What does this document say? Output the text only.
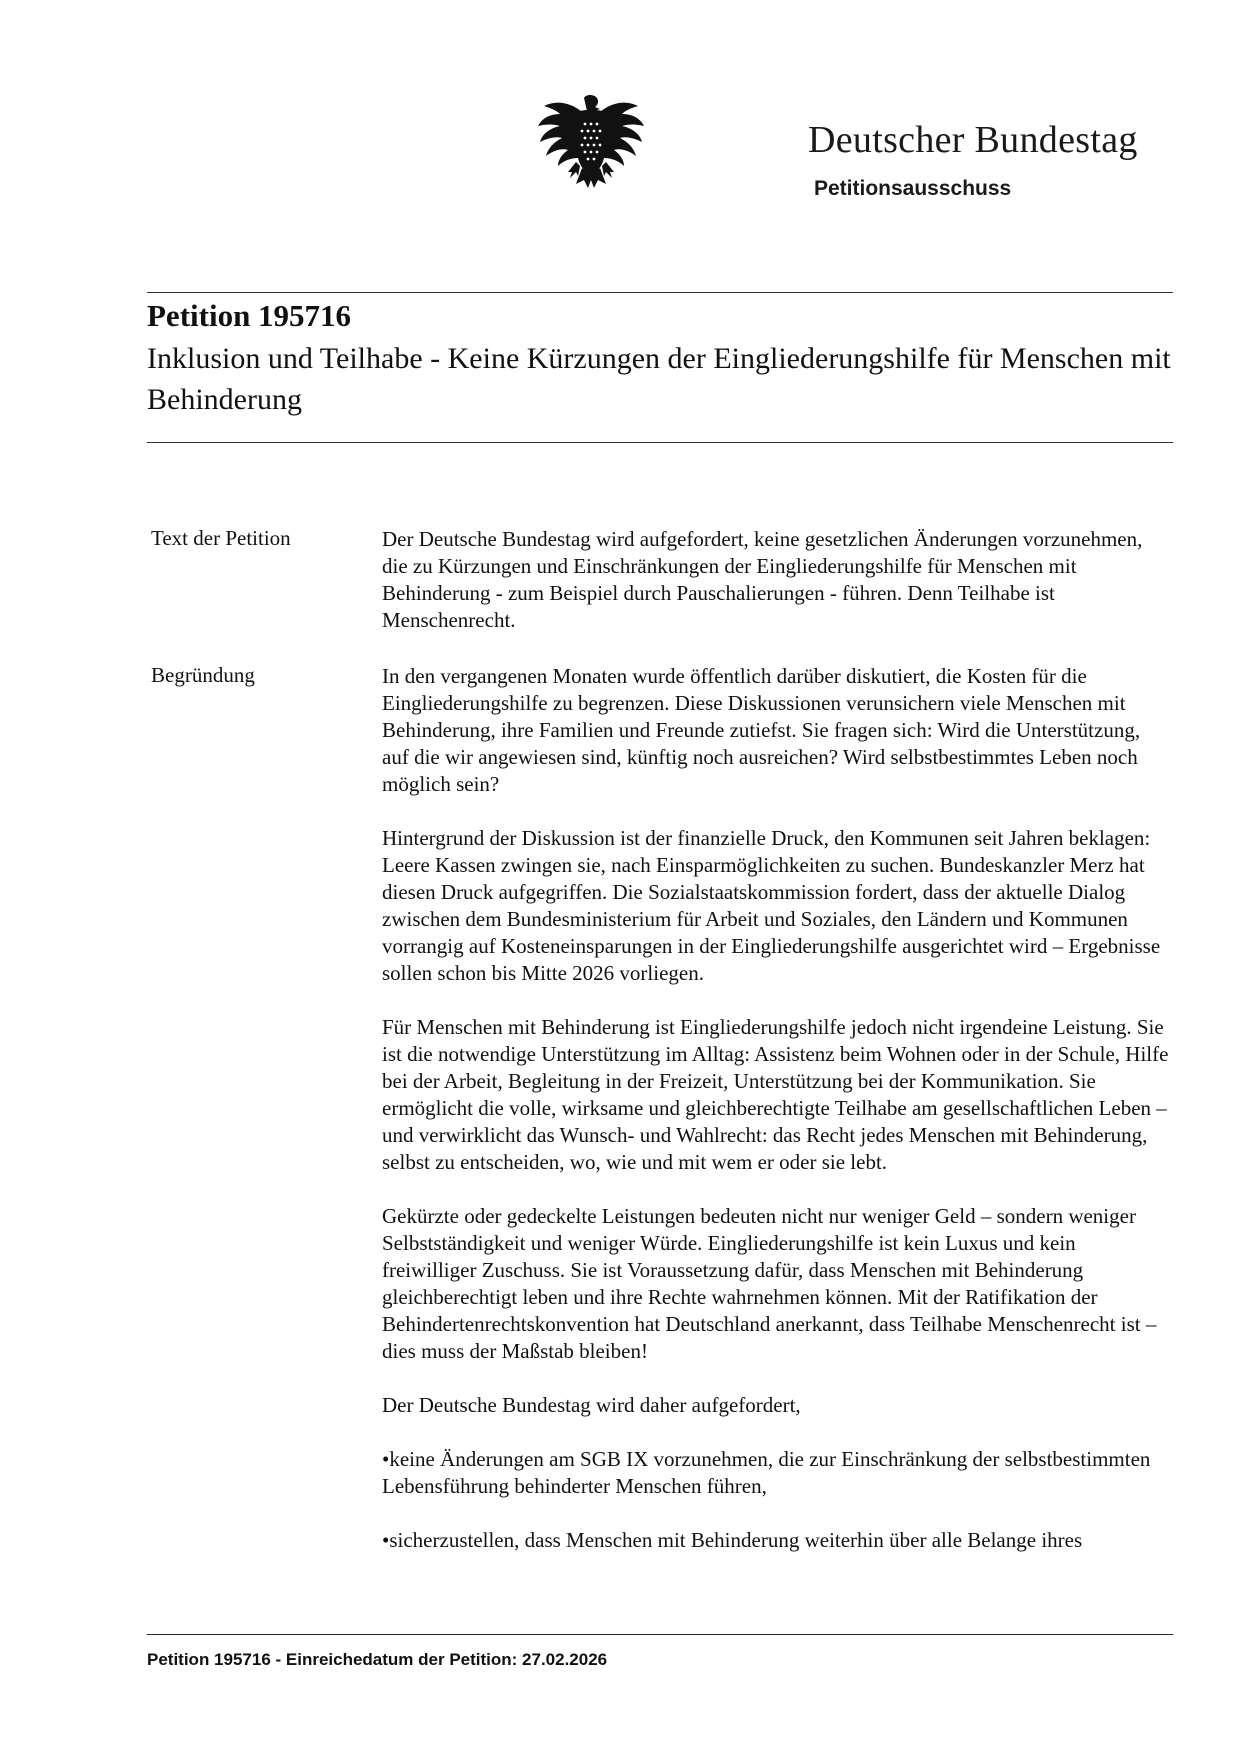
Deutscher Bundestag
Petitionsausschuss
Petition 195716
Inklusion und Teilhabe - Keine Kürzungen der Eingliederungshilfe für Menschen mit Behinderung
Text der Petition	Der Deutsche Bundestag wird aufgefordert, keine gesetzlichen Änderungen vorzunehmen, die zu Kürzungen und Einschränkungen der Eingliederungshilfe für Menschen mit Behinderung - zum Beispiel durch Pauschalierungen - führen. Denn Teilhabe ist Menschenrecht.

Begründung	In den vergangenen Monaten wurde öffentlich darüber diskutiert, die Kosten für die Eingliederungshilfe zu begrenzen. Diese Diskussionen verunsichern viele Menschen mit Behinderung, ihre Familien und Freunde zutiefst. Sie fragen sich: Wird die Unterstützung, auf die wir angewiesen sind, künftig noch ausreichen? Wird selbstbestimmtes Leben noch möglich sein?

Hintergrund der Diskussion ist der finanzielle Druck, den Kommunen seit Jahren beklagen: Leere Kassen zwingen sie, nach Einsparmöglichkeiten zu suchen. Bundeskanzler Merz hat diesen Druck aufgegriffen. Die Sozialstaatskommission fordert, dass der aktuelle Dialog zwischen dem Bundesministerium für Arbeit und Soziales, den Ländern und Kommunen vorrangig auf Kosteneinsparungen in der Eingliederungshilfe ausgerichtet wird – Ergebnisse sollen schon bis Mitte 2026 vorliegen.

Für Menschen mit Behinderung ist Eingliederungshilfe jedoch nicht irgendeine Leistung. Sie ist die notwendige Unterstützung im Alltag: Assistenz beim Wohnen oder in der Schule, Hilfe bei der Arbeit, Begleitung in der Freizeit, Unterstützung bei der Kommunikation. Sie ermöglicht die volle, wirksame und gleichberechtigte Teilhabe am gesellschaftlichen Leben – und verwirklicht das Wunsch- und Wahlrecht: das Recht jedes Menschen mit Behinderung, selbst zu entscheiden, wo, wie und mit wem er oder sie lebt.

Gekürzte oder gedeckelte Leistungen bedeuten nicht nur weniger Geld – sondern weniger Selbstständigkeit und weniger Würde. Eingliederungshilfe ist kein Luxus und kein freiwilliger Zuschuss. Sie ist Voraussetzung dafür, dass Menschen mit Behinderung gleichberechtigt leben und ihre Rechte wahrnehmen können. Mit der Ratifikation der Behindertenrechtskonvention hat Deutschland anerkannt, dass Teilhabe Menschenrecht ist – dies muss der Maßstab bleiben!

Der Deutsche Bundestag wird daher aufgefordert,

•keine Änderungen am SGB IX vorzunehmen, die zur Einschränkung der selbstbestimmten Lebensführung behinderter Menschen führen,

•sicherzustellen, dass Menschen mit Behinderung weiterhin über alle Belange ihres

Petition 195716 - Einreichedatum der Petition: 27.02.2026
